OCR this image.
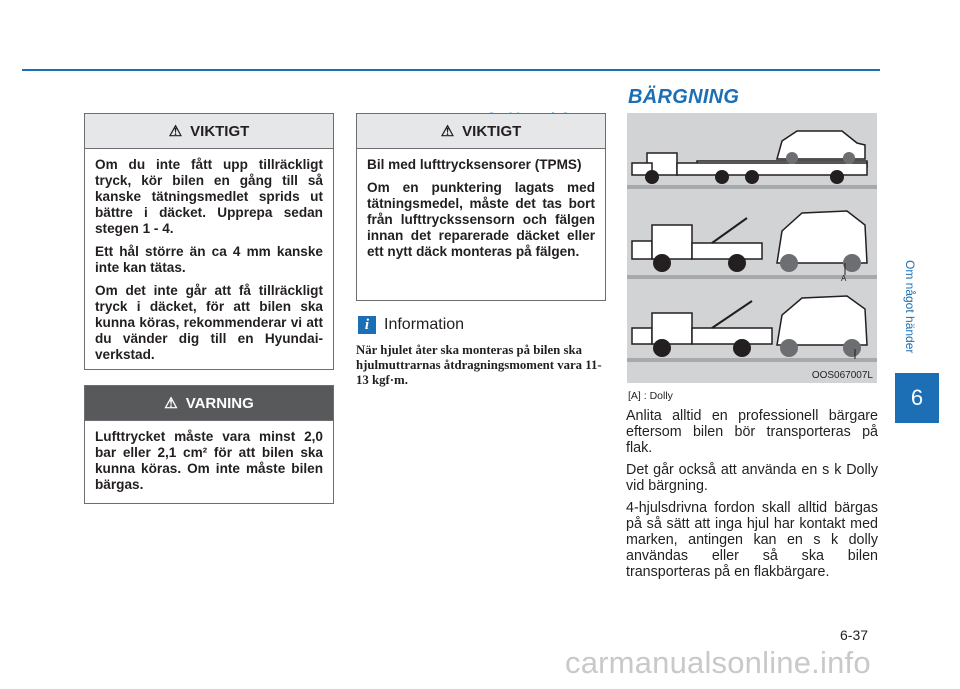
⚠ VIKTIGT

Om du inte fått upp tillräckligt tryck, kör bilen en gång till så kanske tätningsmedlet sprids ut bättre i däcket. Upprepa sedan stegen 1 - 4.

Ett hål större än ca 4 mm kanske inte kan tätas.

Om det inte går att få tillräckligt tryck i däcket, för att bilen ska kunna köras, rekommenderar vi att du vänder dig till en Hyundai-verkstad.

⚠ VARNING

Lufttrycket måste vara minst 2,0 bar eller 2,1 cm² för att bilen ska kunna köras. Om inte måste bilen bärgas.

⚠ VIKTIGT

Bil med lufttrycksensorer (TPMS)

Om en punktering lagats med tätningsmedel, måste det tas bort från lufttryckssensorn och fälgen innan det reparerade däcket eller ett nytt däck monteras på fälgen.

i Information
När hjulet åter ska monteras på bilen ska hjulmuttrarnas åtdragningsmoment vara 11-13 kgf·m.
BÄRGNING
A
OOS067007L
[A] : Dolly

Anlita alltid en professionell bärgare eftersom bilen bör transporteras på flak.

Det går också att använda en s k Dolly vid bärgning.

4-hjulsdrivna fordon skall alltid bärgas på så sätt att inga hjul har kontakt med marken, antingen kan en s k dolly användas eller så ska bilen transporteras på en flakbärgare.

Om något händer
6
6-37
carmanualsonline.info
